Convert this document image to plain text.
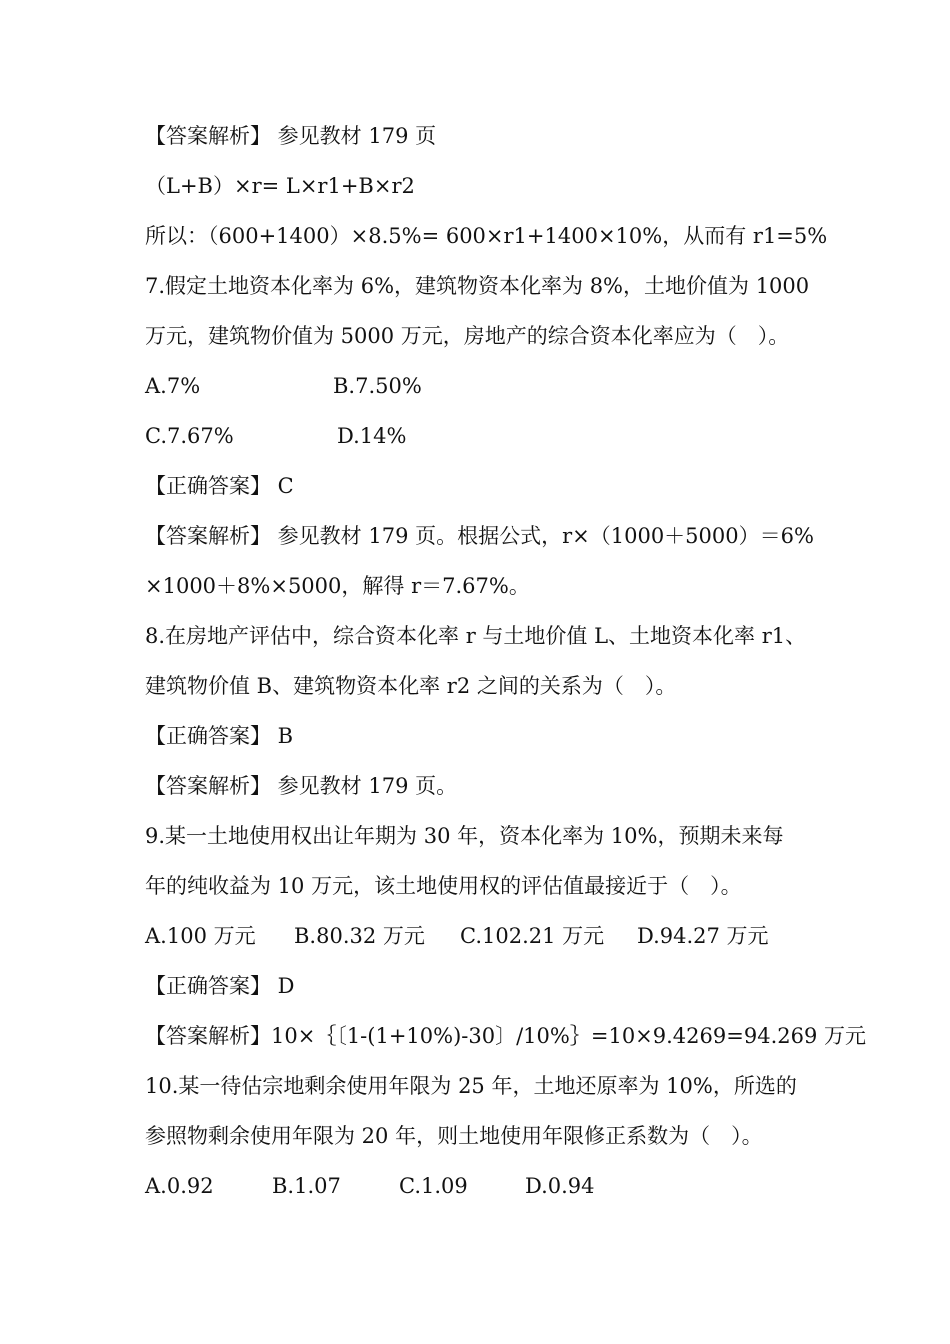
【答案解析】 参见教材 179 页
（L+B）×r= L×r1+B×r2
所以：（600+1400）×8.5%= 600×r1+1400×10%，从而有 r1=5%
7.假定土地资本化率为 6%，建筑物资本化率为 8%，土地价值为 1000
万元，建筑物价值为 5000 万元，房地产的综合资本化率应为（　）。
A.7%	B.7.50%
C.7.67%	D.14%
【正确答案】 C
【答案解析】 参见教材 179 页。根据公式，r×（1000＋5000）＝6%
×1000＋8%×5000，解得 r＝7.67%。
8.在房地产评估中，综合资本化率 r 与土地价值 L、土地资本化率 r1、
建筑物价值 B、建筑物资本化率 r2 之间的关系为（　）。
【正确答案】 B
【答案解析】 参见教材 179 页。
9.某一土地使用权出让年期为 30 年，资本化率为 10%，预期未来每
年的纯收益为 10 万元，该土地使用权的评估值最接近于（　）。
A.100 万元 B.80.32 万元 C.102.21 万元 D.94.27 万元
【正确答案】 D
【答案解析】10×｛〔1-(1+10%)-30〕/10%｝=10×9.4269=94.269 万元
10.某一待估宗地剩余使用年限为 25 年，土地还原率为 10%，所选的
参照物剩余使用年限为 20 年，则土地使用年限修正系数为（　）。
A.0.92	B.1.07	C.1.09	D.0.94
